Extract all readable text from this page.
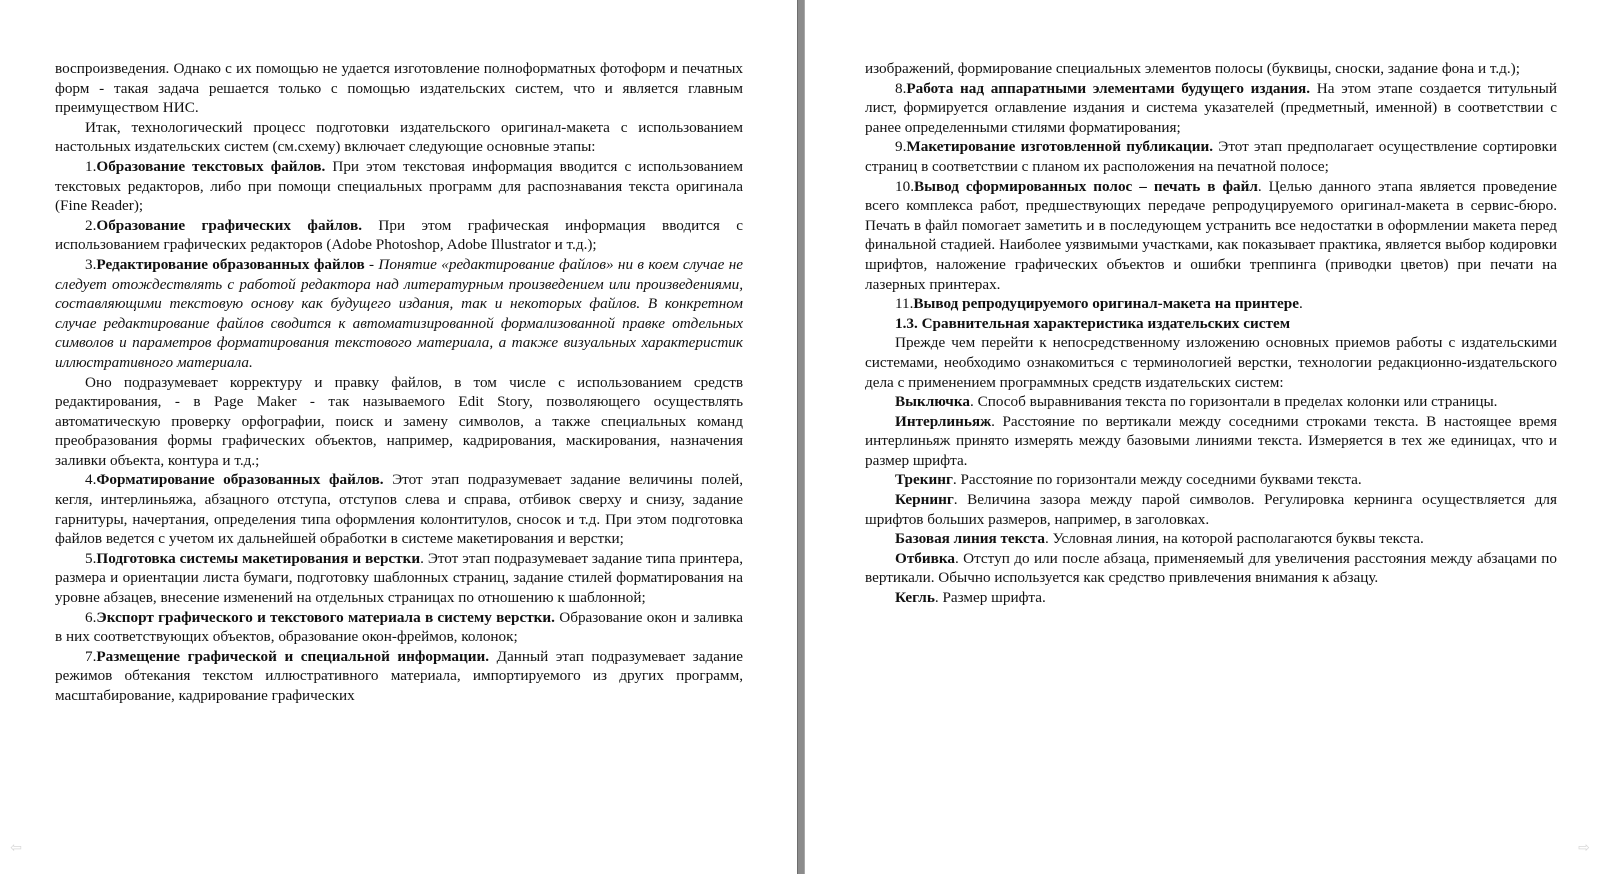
воспроизведения. Однако с их помощью не удается изготовление полноформатных фотоформ и печатных форм - такая задача решается только с помощью издательских систем, что и является главным преимуществом НИС.

Итак, технологический процесс подготовки издательского оригинал-макета с использованием настольных издательских систем (см.схему) включает следующие основные этапы:

1.Образование текстовых файлов. При этом текстовая информация вводится с использованием текстовых редакторов, либо при помощи специальных программ для распознавания текста оригинала (Fine Reader);

2.Образование графических файлов. При этом графическая информация вводится с использованием графических редакторов (Adobe Photoshop, Adobe Illustrator и т.д.);

3.Редактирование образованных файлов - Понятие «редактирование файлов» ни в коем случае не следует отождествлять с работой редактора над литературным произведением или произведениями, составляющими текстовую основу как будущего издания, так и некоторых файлов. В конкретном случае редактирование файлов сводится к автоматизированной формализованной правке отдельных символов и параметров форматирования текстового материала, а также визуальных характеристик иллюстративного материала.

Оно подразумевает корректуру и правку файлов, в том числе с использованием средств редактирования, - в Page Maker - так называемого Edit Story, позволяющего осуществлять автоматическую проверку орфографии, поиск и замену символов, а также специальных команд преобразования формы графических объектов, например, кадрирования, маскирования, назначения заливки объекта, контура и т.д.;

4.Форматирование образованных файлов. Этот этап подразумевает задание величины полей, кегля, интерлиньяжа, абзацного отступа, отступов слева и справа, отбивок сверху и снизу, задание гарнитуры, начертания, определения типа оформления колонтитулов, сносок и т.д. При этом подготовка файлов ведется с учетом их дальнейшей обработки в системе макетирования и верстки;

5.Подготовка системы макетирования и верстки. Этот этап подразумевает задание типа принтера, размера и ориентации листа бумаги, подготовку шаблонных страниц, задание стилей форматирования на уровне абзацев, внесение изменений на отдельных страницах по отношению к шаблонной;

6.Экспорт графического и текстового материала в систему верстки. Образование окон и заливка в них соответствующих объектов, образование окон-фреймов, колонок;

7.Размещение графической и специальной информации. Данный этап подразумевает задание режимов обтекания текстом иллюстративного материала, импортируемого из других программ, масштабирование, кадрирование графических

изображений, формирование специальных элементов полосы (буквицы, сноски, задание фона и т.д.);

8.Работа над аппаратными элементами будущего издания. На этом этапе создается титульный лист, формируется оглавление издания и система указателей (предметный, именной) в соответствии с ранее определенными стилями форматирования;

9.Макетирование изготовленной публикации. Этот этап предполагает осуществление сортировки страниц в соответствии с планом их расположения на печатной полосе;

10.Вывод сформированных полос – печать в файл. Целью данного этапа является проведение всего комплекса работ, предшествующих передаче репродуцируемого оригинал-макета в сервис-бюро. Печать в файл помогает заметить и в последующем устранить все недостатки в оформлении макета перед финальной стадией. Наиболее уязвимыми участками, как показывает практика, является выбор кодировки шрифтов, наложение графических объектов и ошибки треппинга (приводки цветов) при печати на лазерных принтерах.

11.Вывод репродуцируемого оригинал-макета на принтере.

1.3. Сравнительная характеристика издательских систем

Прежде чем перейти к непосредственному изложению основных приемов работы с издательскими системами, необходимо ознакомиться с терминологией верстки, технологии редакционно-издательского дела с применением программных средств издательских систем:

Выключка. Способ выравнивания текста по горизонтали в пределах колонки или страницы.

Интерлиньяж. Расстояние по вертикали между соседними строками текста. В настоящее время интерлиньяж принято измерять между базовыми линиями текста. Измеряется в тех же единицах, что и размер шрифта.

Трекинг. Расстояние по горизонтали между соседними буквами текста.

Кернинг. Величина зазора между парой символов. Регулировка кернинга осуществляется для шрифтов больших размеров, например, в заголовках.

Базовая линия текста. Условная линия, на которой располагаются буквы текста.

Отбивка. Отступ до или после абзаца, применяемый для увеличения расстояния между абзацами по вертикали. Обычно используется как средство привлечения внимания к абзацу.

Кегль. Размер шрифта.

⇦	⇨
